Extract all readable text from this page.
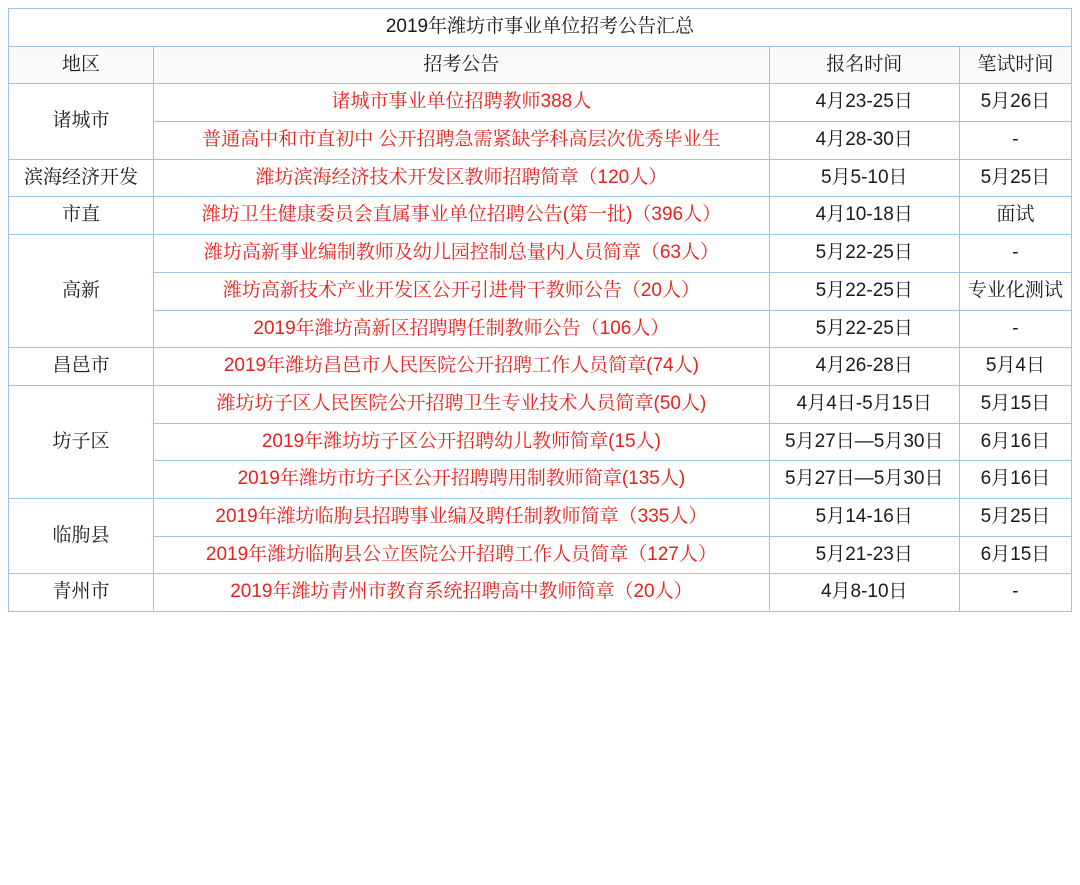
2019年潍坊市事业单位招考公告汇总			
地区	招考公告	报名时间	笔试时间
诸城市	诸城市事业单位招聘教师388人	4月23-25日	5月26日
	普通高中和市直初中 公开招聘急需紧缺学科高层次优秀毕业生	4月28-30日	-
滨海经济开发	潍坊滨海经济技术开发区教师招聘简章（120人）	5月5-10日	5月25日
市直	潍坊卫生健康委员会直属事业单位招聘公告(第一批)（396人）	4月10-18日	面试
高新	潍坊高新事业编制教师及幼儿园控制总量内人员简章（63人）	5月22-25日	-
	潍坊高新技术产业开发区公开引进骨干教师公告（20人）	5月22-25日	专业化测试
	2019年潍坊高新区招聘聘任制教师公告（106人）	5月22-25日	-
昌邑市	2019年潍坊昌邑市人民医院公开招聘工作人员简章(74人)	4月26-28日	5月4日
坊子区	潍坊坊子区人民医院公开招聘卫生专业技术人员简章(50人)	4月4日-5月15日	5月15日
	2019年潍坊坊子区公开招聘幼儿教师简章(15人)	5月27日—5月30日	6月16日
	2019年潍坊市坊子区公开招聘聘用制教师简章(135人)	5月27日—5月30日	6月16日
临朐县	2019年潍坊临朐县招聘事业编及聘任制教师简章（335人）	5月14-16日	5月25日
	2019年潍坊临朐县公立医院公开招聘工作人员简章（127人）	5月21-23日	6月15日
青州市	2019年潍坊青州市教育系统招聘高中教师简章（20人）	4月8-10日	-
